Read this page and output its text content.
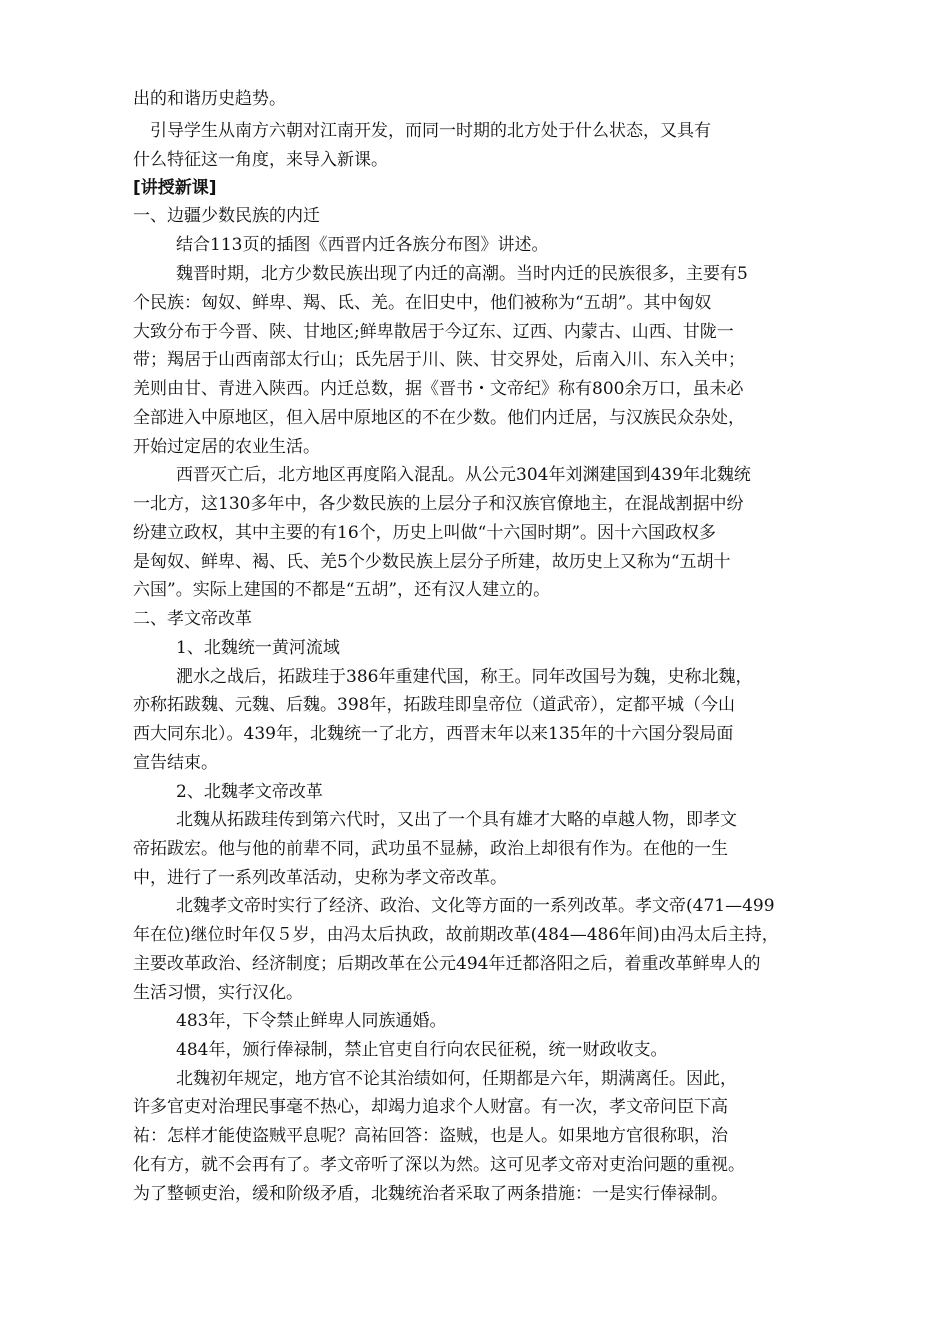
出的和谐历史趋势。
　引导学生从南方六朝对江南开发，而同一时期的北方处于什么状态，又具有
什么特征这一角度，来导入新课。
[讲授新课]
一、边疆少数民族的内迁
结合113页的插图《西晋内迁各族分布图》讲述。
魏晋时期，北方少数民族出现了内迁的高潮。当时内迁的民族很多，主要有5
个民族：匈奴、鲜卑、羯、氐、羌。在旧史中，他们被称为“五胡”。其中匈奴
大致分布于今晋、陕、甘地区;鲜卑散居于今辽东、辽西、内蒙古、山西、甘陇一
带；羯居于山西南部太行山；氐先居于川、陕、甘交界处，后南入川、东入关中；
羌则由甘、青进入陕西。内迁总数，据《晋书・文帝纪》称有800余万口，虽未必
全部进入中原地区，但入居中原地区的不在少数。他们内迁居，与汉族民众杂处，
开始过定居的农业生活。
西晋灭亡后，北方地区再度陷入混乱。从公元304年刘渊建国到439年北魏统
一北方，这130多年中，各少数民族的上层分子和汉族官僚地主，在混战割据中纷
纷建立政权，其中主要的有16个，历史上叫做“十六国时期”。因十六国政权多
是匈奴、鲜卑、褐、氏、羌5个少数民族上层分子所建，故历史上又称为“五胡十
六国”。实际上建国的不都是“五胡”，还有汉人建立的。
二、孝文帝改革
1、北魏统一黄河流域
淝水之战后，拓跋珪于386年重建代国，称王。同年改国号为魏，史称北魏，
亦称拓跋魏、元魏、后魏。398年，拓跋珪即皇帝位（道武帝），定都平城（今山
西大同东北）。439年，北魏统一了北方，西晋末年以来135年的十六国分裂局面
宣告结束。
2、北魏孝文帝改革
北魏从拓跋珪传到第六代时，又出了一个具有雄才大略的卓越人物，即孝文
帝拓跋宏。他与他的前辈不同，武功虽不显赫，政治上却很有作为。在他的一生
中，进行了一系列改革活动，史称为孝文帝改革。
北魏孝文帝时实行了经济、政治、文化等方面的一系列改革。孝文帝(471—499
年在位)继位时年仅５岁，由冯太后执政，故前期改革(484—486年间)由冯太后主持，
主要改革政治、经济制度；后期改革在公元494年迁都洛阳之后，着重改革鲜卑人的
生活习惯，实行汉化。
483年，下令禁止鲜卑人同族通婚。
484年，颁行俸禄制，禁止官吏自行向农民征税，统一财政收支。
北魏初年规定，地方官不论其治绩如何，任期都是六年，期满离任。因此，
许多官吏对治理民事毫不热心，却竭力追求个人财富。有一次，孝文帝问臣下高
祐：怎样才能使盗贼平息呢？高祐回答：盗贼，也是人。如果地方官很称职，治
化有方，就不会再有了。孝文帝听了深以为然。这可见孝文帝对吏治问题的重视。
为了整顿吏治，缓和阶级矛盾，北魏统治者采取了两条措施：一是实行俸禄制。
